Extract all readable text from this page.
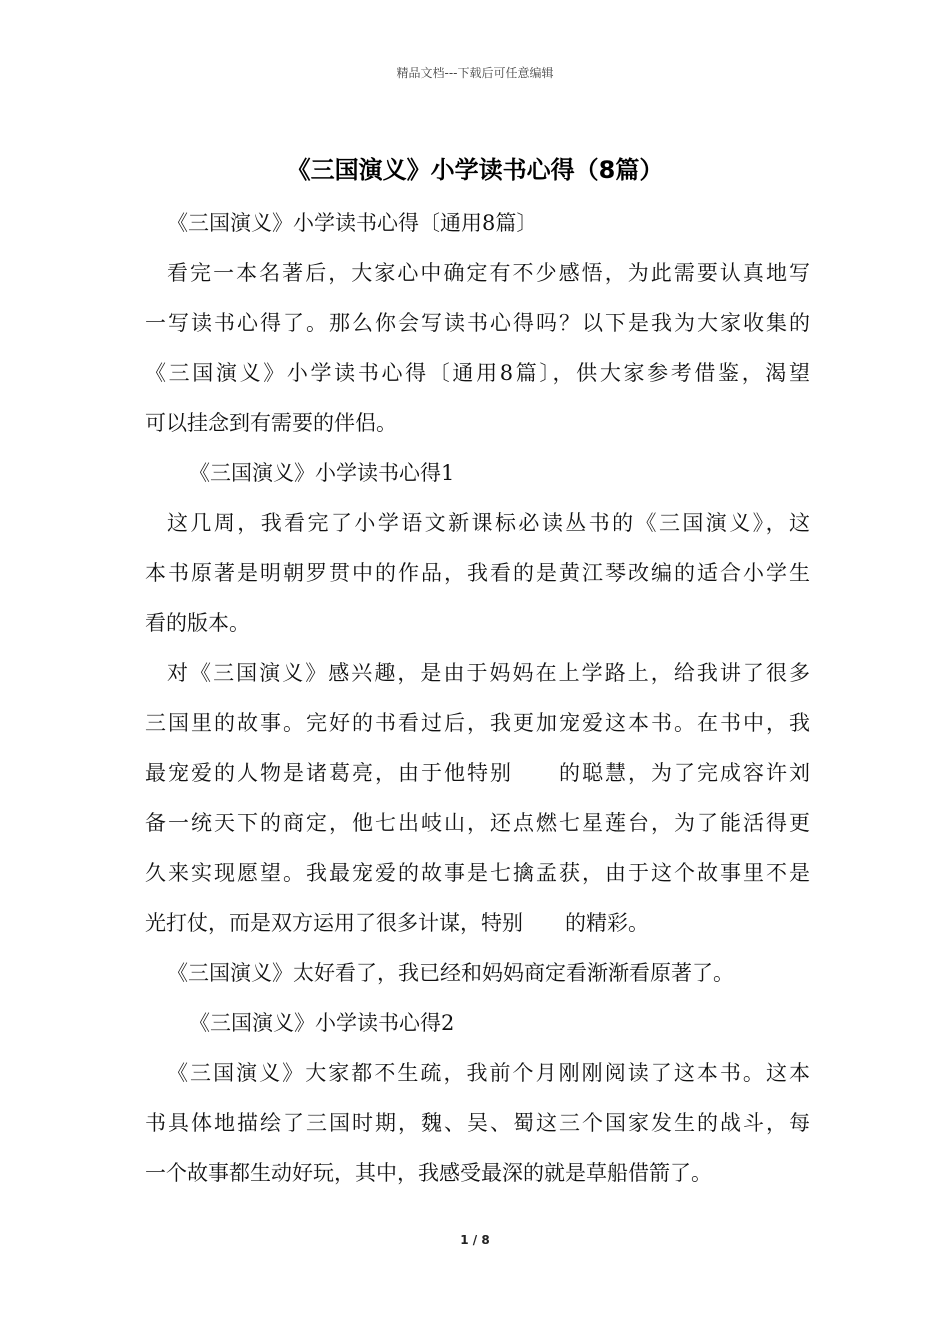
精品文档---下载后可任意编辑
《三国演义》小学读书心得（8篇）
《三国演义》小学读书心得〔通用8篇〕
看完一本名著后，大家心中确定有不少感悟，为此需要认真地写
一写读书心得了。那么你会写读书心得吗？以下是我为大家收集的
《三国演义》小学读书心得〔通用8篇〕，供大家参考借鉴，渴望
可以挂念到有需要的伴侣。
《三国演义》小学读书心得1
这几周，我看完了小学语文新课标必读丛书的《三国演义》，这
本书原著是明朝罗贯中的作品，我看的是黄江琴改编的适合小学生
看的版本。
对《三国演义》感兴趣，是由于妈妈在上学路上，给我讲了很多
三国里的故事。完好的书看过后，我更加宠爱这本书。在书中，我
最宠爱的人物是诸葛亮，由于他特别　　的聪慧，为了完成容许刘
备一统天下的商定，他七出岐山，还点燃七星莲台，为了能活得更
久来实现愿望。我最宠爱的故事是七擒孟获，由于这个故事里不是
光打仗，而是双方运用了很多计谋，特别　　的精彩。
《三国演义》太好看了，我已经和妈妈商定看渐渐看原著了。
《三国演义》小学读书心得2
《三国演义》大家都不生疏，我前个月刚刚阅读了这本书。这本
书具体地描绘了三国时期，魏、吴、蜀这三个国家发生的战斗，每
一个故事都生动好玩，其中，我感受最深的就是草船借箭了。
1 / 8
